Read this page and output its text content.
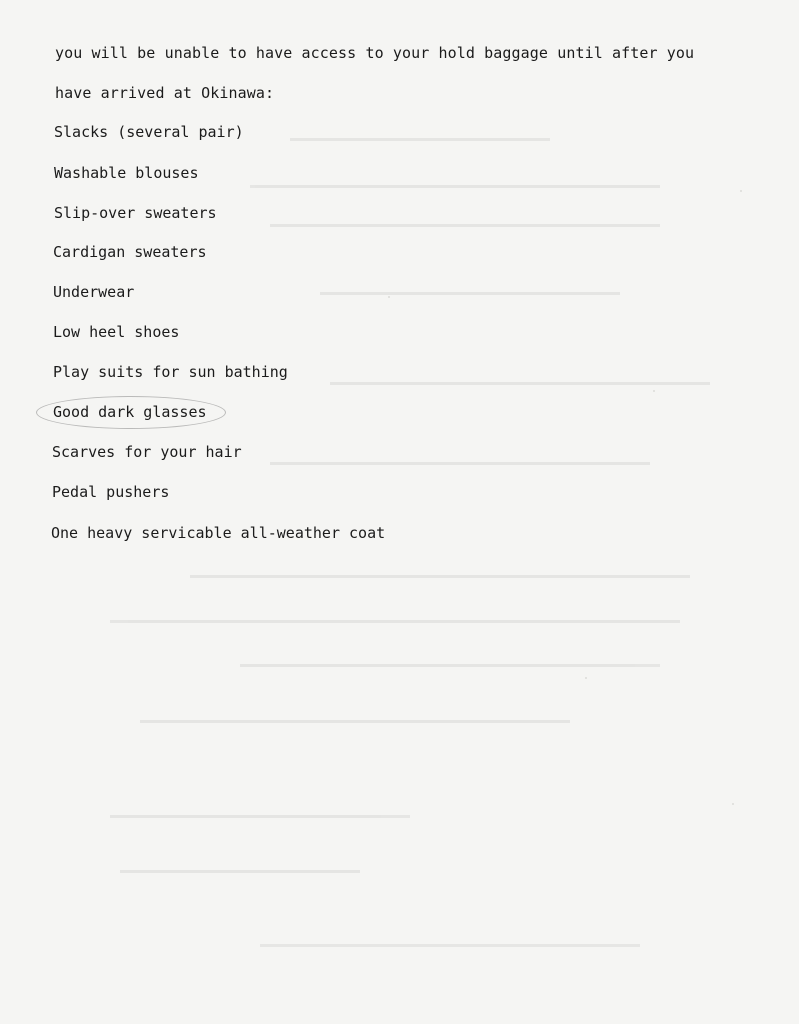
you will be unable to have access to your hold baggage until after you

have arrived at Okinawa:

Slacks (several pair)
Washable blouses
Slip-over sweaters
Cardigan sweaters
Underwear
Low heel shoes
Play suits for sun bathing
Good dark glasses
Scarves for your hair
Pedal pushers
One heavy servicable all-weather coat
